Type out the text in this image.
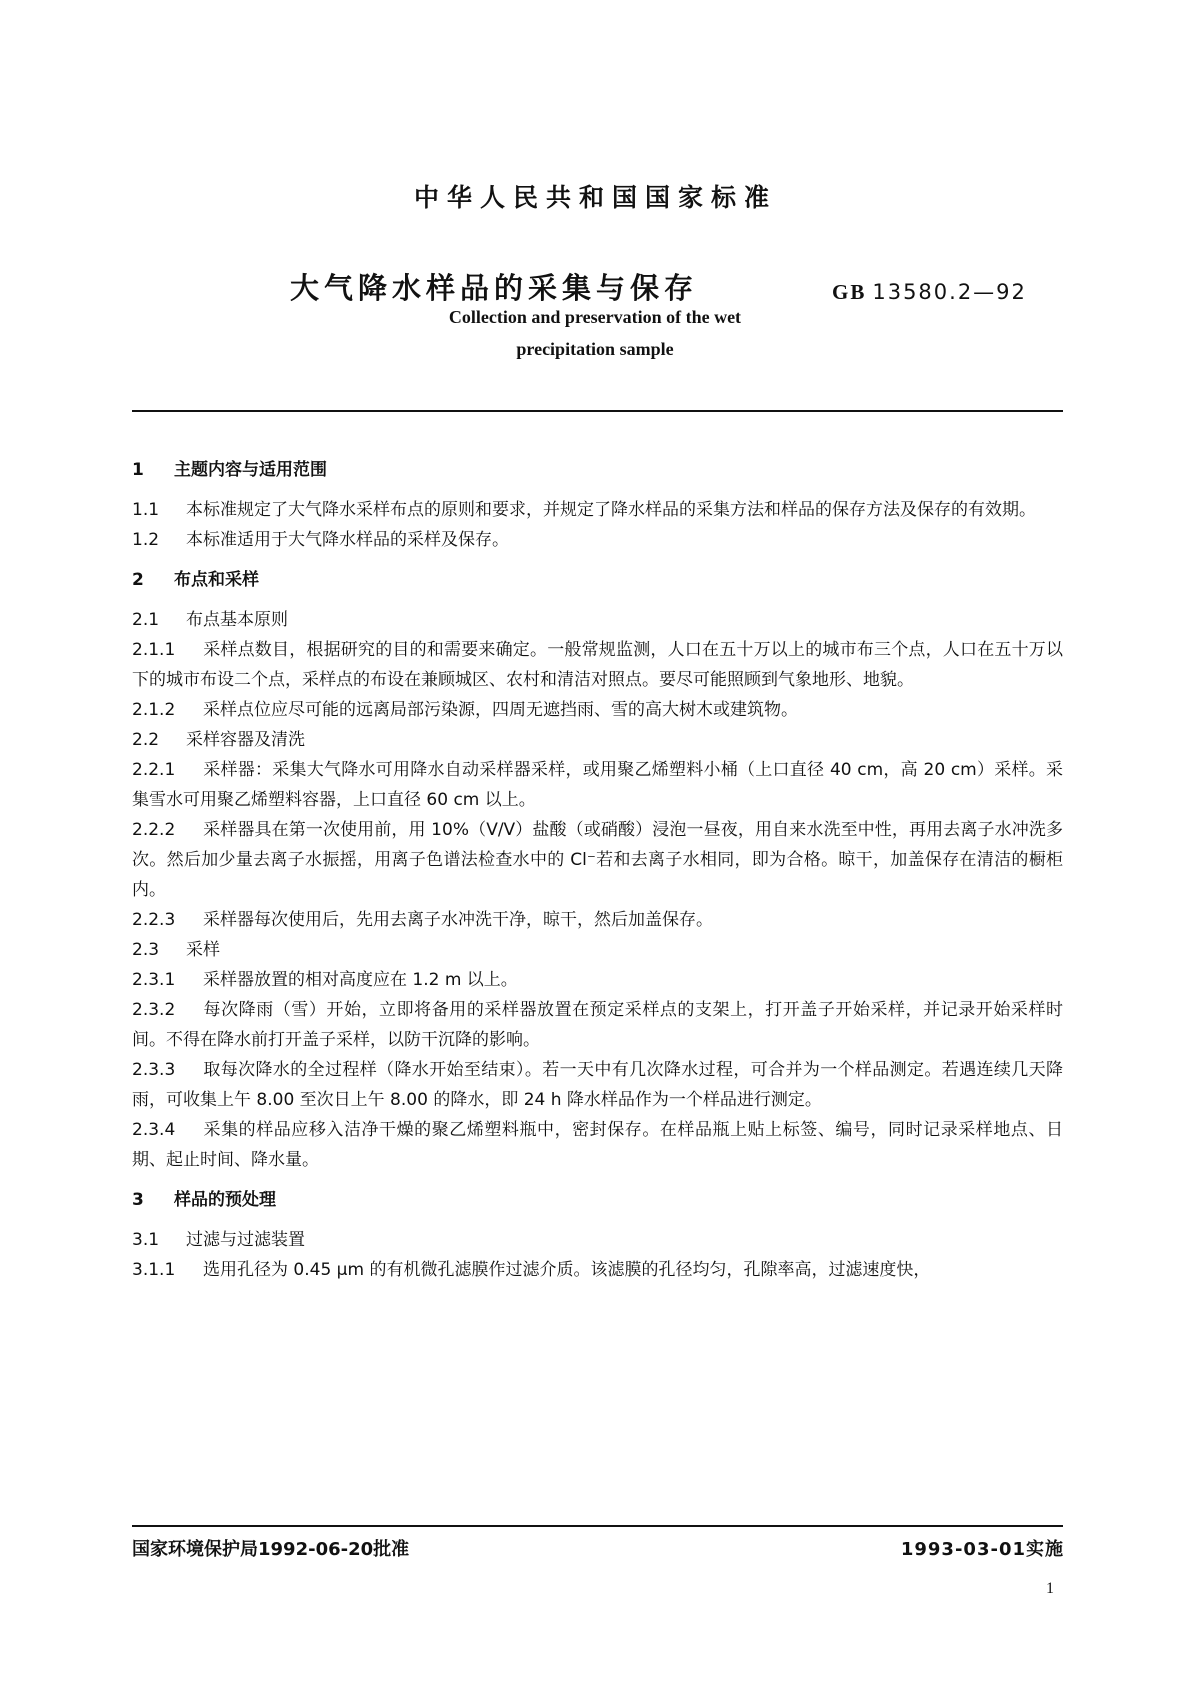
中华人民共和国国家标准
大气降水样品的采集与保存	GB 13580.2—92
Collection and preservation of the wet
precipitation sample

1 主题内容与适用范围

1.1 本标准规定了大气降水采样布点的原则和要求，并规定了降水样品的采集方法和样品的保存方法及保存的有效期。

1.2 本标准适用于大气降水样品的采样及保存。

2 布点和采样

2.1 布点基本原则

2.1.1 采样点数目，根据研究的目的和需要来确定。一般常规监测，人口在五十万以上的城市布三个点，人口在五十万以下的城市布设二个点，采样点的布设在兼顾城区、农村和清洁对照点。要尽可能照顾到气象地形、地貌。

2.1.2 采样点位应尽可能的远离局部污染源，四周无遮挡雨、雪的高大树木或建筑物。

2.2 采样容器及清洗

2.2.1 采样器：采集大气降水可用降水自动采样器采样，或用聚乙烯塑料小桶（上口直径 40 cm，高 20 cm）采样。采集雪水可用聚乙烯塑料容器，上口直径 60 cm 以上。

2.2.2 采样器具在第一次使用前，用 10%（V/V）盐酸（或硝酸）浸泡一昼夜，用自来水洗至中性，再用去离子水冲洗多次。然后加少量去离子水振摇，用离子色谱法检查水中的 Cl⁻若和去离子水相同，即为合格。晾干，加盖保存在清洁的橱柜内。

2.2.3 采样器每次使用后，先用去离子水冲洗干净，晾干，然后加盖保存。

2.3 采样

2.3.1 采样器放置的相对高度应在 1.2 m 以上。

2.3.2 每次降雨（雪）开始，立即将备用的采样器放置在预定采样点的支架上，打开盖子开始采样，并记录开始采样时间。不得在降水前打开盖子采样，以防干沉降的影响。

2.3.3 取每次降水的全过程样（降水开始至结束）。若一天中有几次降水过程，可合并为一个样品测定。若遇连续几天降雨，可收集上午 8.00 至次日上午 8.00 的降水，即 24 h 降水样品作为一个样品进行测定。

2.3.4 采集的样品应移入洁净干燥的聚乙烯塑料瓶中，密封保存。在样品瓶上贴上标签、编号，同时记录采样地点、日期、起止时间、降水量。

3 样品的预处理

3.1 过滤与过滤装置

3.1.1 选用孔径为 0.45 μm 的有机微孔滤膜作过滤介质。该滤膜的孔径均匀，孔隙率高，过滤速度快，

国家环境保护局1992-06-20批准	1993-03-01实施
1
